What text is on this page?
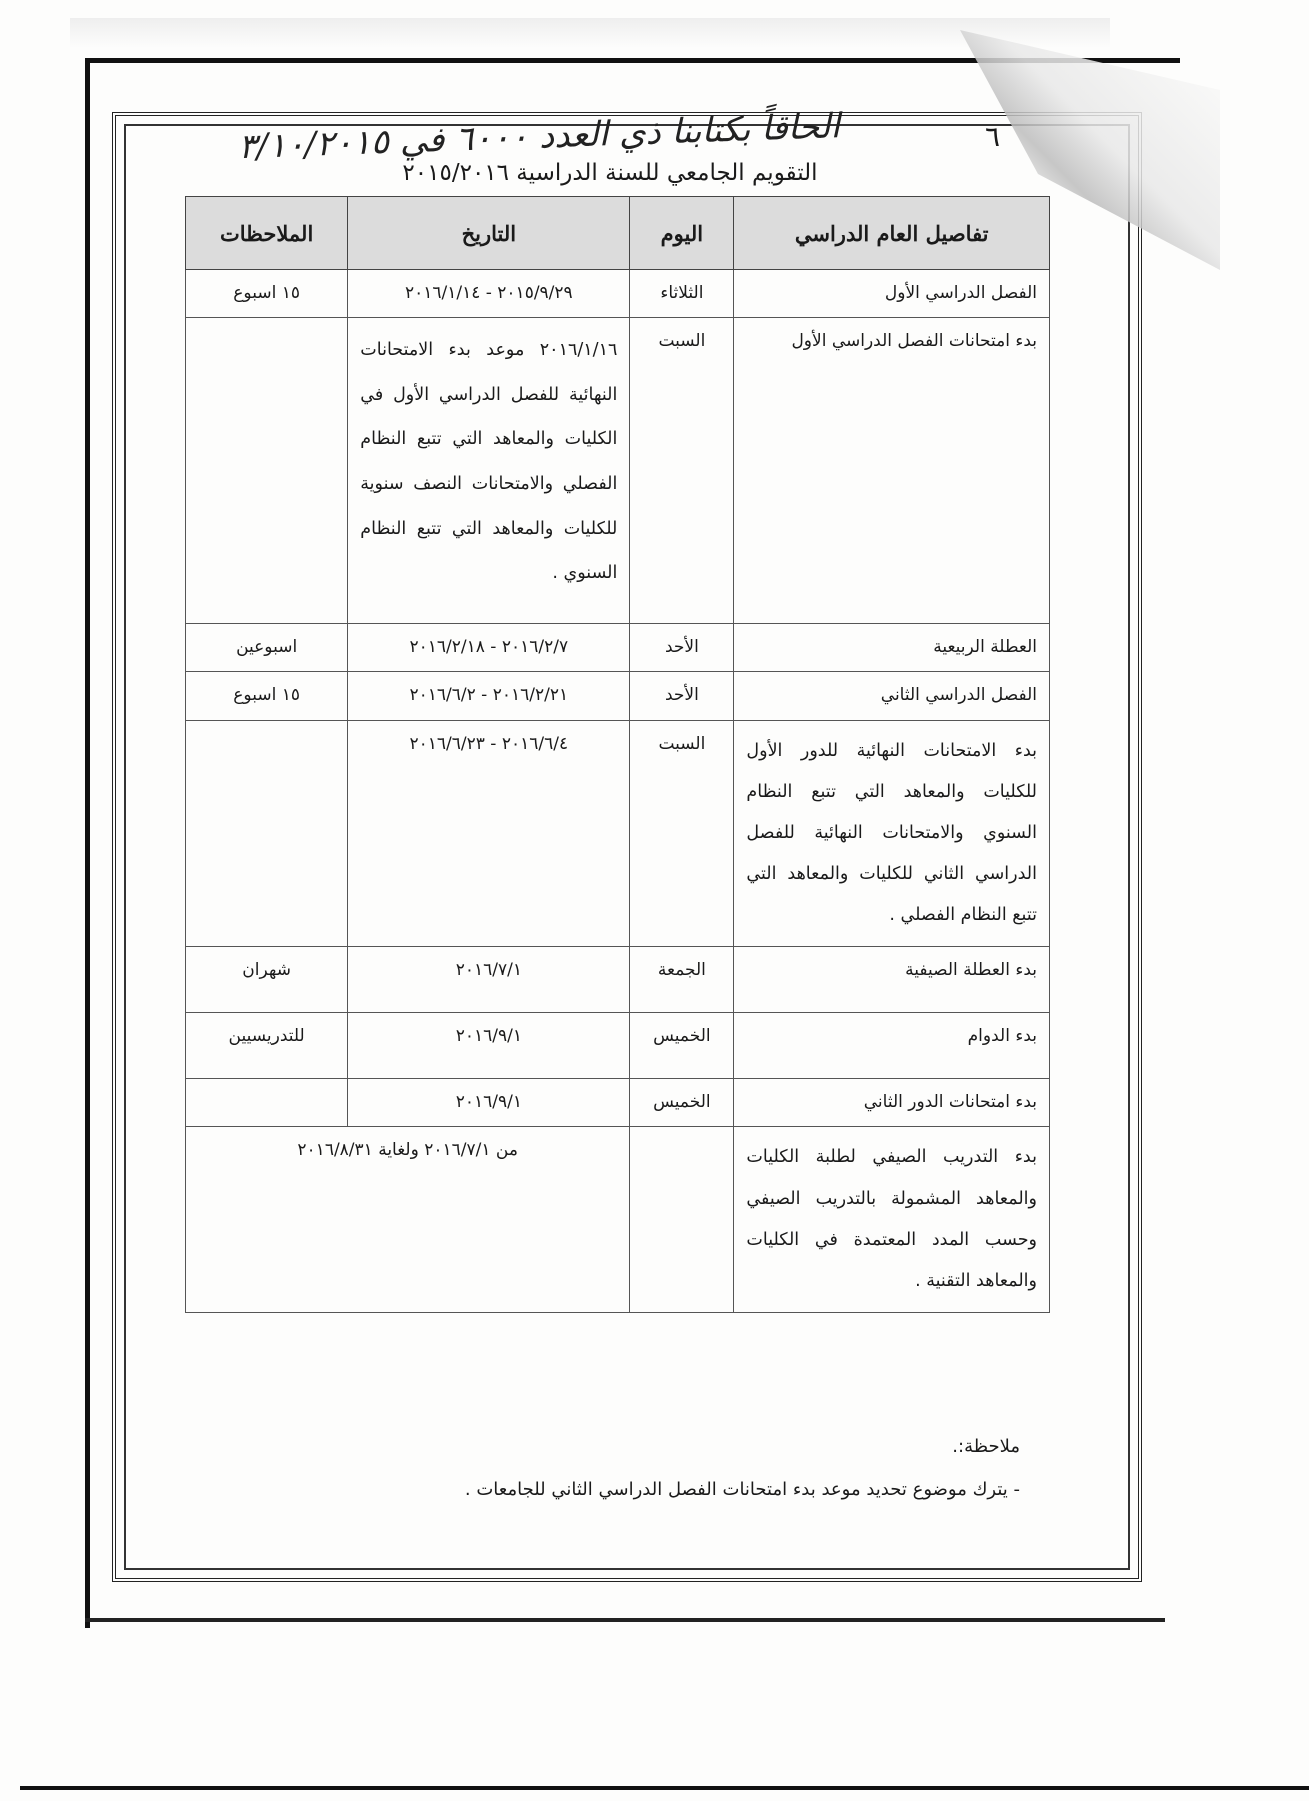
الحاقاً بكتابنا ذي العدد ٦٠٠٠ في ٣/١٠/٢٠١٥	٦
التقويم الجامعي للسنة الدراسية ٢٠١٥/٢٠١٦
تفاصيل العام الدراسي	اليوم	التاريخ	الملاحظات
الفصل الدراسي الأول	الثلاثاء	٢٠١٥/٩/٢٩ - ٢٠١٦/١/١٤	١٥ اسبوع
بدء امتحانات الفصل الدراسي الأول	السبت	٢٠١٦/١/١٦ موعد بدء الامتحانات النهائية للفصل الدراسي الأول في الكليات والمعاهد التي تتبع النظام الفصلي والامتحانات النصف سنوية للكليات والمعاهد التي تتبع النظام السنوي .	
العطلة الربيعية	الأحد	٢٠١٦/٢/٧ - ٢٠١٦/٢/١٨	اسبوعين
الفصل الدراسي الثاني	الأحد	٢٠١٦/٢/٢١ - ٢٠١٦/٦/٢	١٥ اسبوع
بدء الامتحانات النهائية للدور الأول للكليات والمعاهد التي تتبع النظام السنوي والامتحانات النهائية للفصل الدراسي الثاني للكليات والمعاهد التي تتبع النظام الفصلي .	السبت	٢٠١٦/٦/٤ - ٢٠١٦/٦/٢٣	
بدء العطلة الصيفية	الجمعة	٢٠١٦/٧/١	شهران
بدء الدوام	الخميس	٢٠١٦/٩/١	للتدريسيين
بدء امتحانات الدور الثاني	الخميس	٢٠١٦/٩/١	
بدء التدريب الصيفي لطلبة الكليات والمعاهد المشمولة بالتدريب الصيفي وحسب المدد المعتمدة في الكليات والمعاهد التقنية .		من ٢٠١٦/٧/١ ولغاية ٢٠١٦/٨/٣١	
ملاحظة:.
- يترك موضوع تحديد موعد بدء امتحانات الفصل الدراسي الثاني للجامعات .
